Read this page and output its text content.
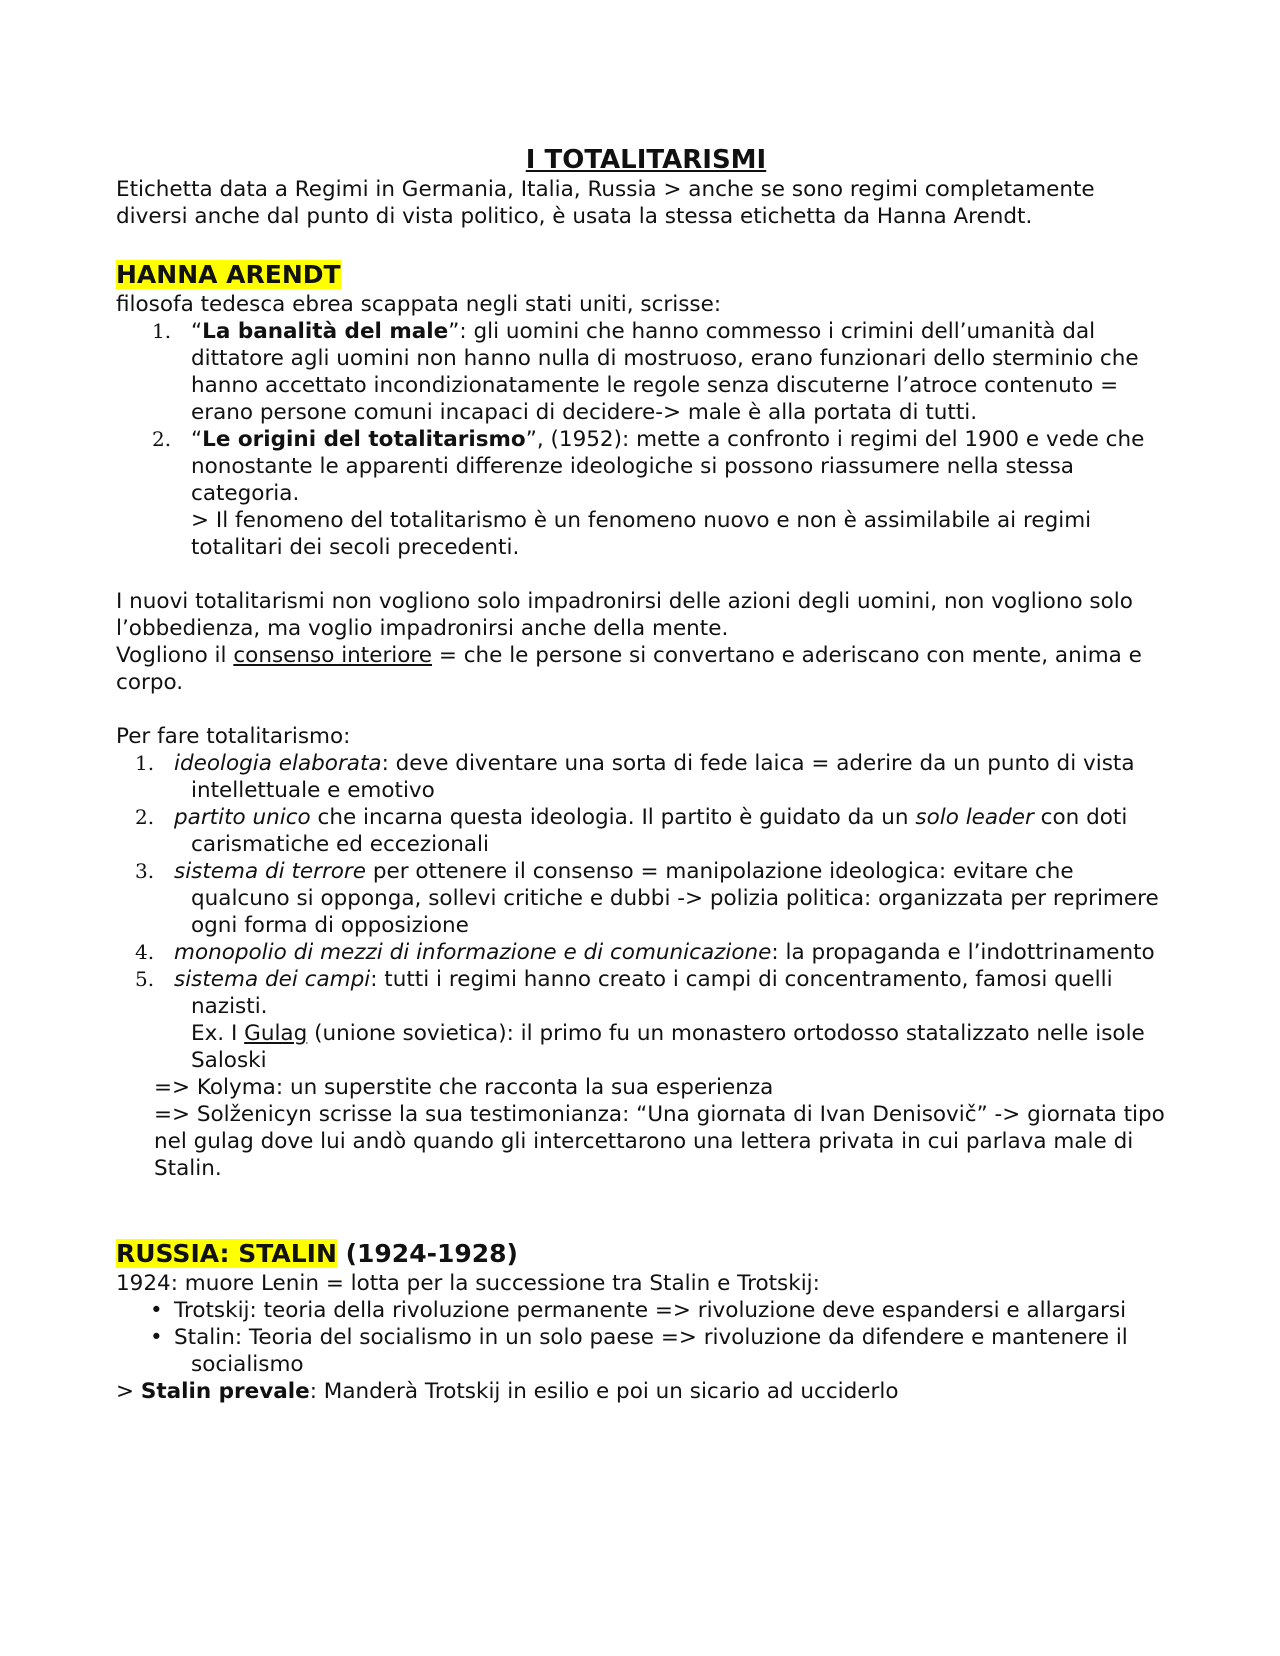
I TOTALITARISMI

Etichetta data a Regimi in Germania, Italia, Russia > anche se sono regimi completamente diversi anche dal punto di vista politico, è usata la stessa etichetta da Hanna Arendt.

HANNA ARENDT

filosofa tedesca ebrea scappata negli stati uniti, scrisse:

1. “La banalità del male”: gli uomini che hanno commesso i crimini dell’umanità dal dittatore agli uomini non hanno nulla di mostruoso, erano funzionari dello sterminio che hanno accettato incondizionatamente le regole senza discuterne l’atroce contenuto = erano persone comuni incapaci di decidere-> male è alla portata di tutti.
2. “Le origini del totalitarismo”, (1952): mette a confronto i regimi del 1900 e vede che nonostante le apparenti differenze ideologiche si possono riassumere nella stessa categoria.
> Il fenomeno del totalitarismo è un fenomeno nuovo e non è assimilabile ai regimi totalitari dei secoli precedenti.

I nuovi totalitarismi non vogliono solo impadronirsi delle azioni degli uomini, non vogliono solo l’obbedienza, ma voglio impadronirsi anche della mente.

Vogliono il consenso interiore = che le persone si convertano e aderiscano con mente, anima e corpo.

Per fare totalitarismo:

1. ideologia elaborata: deve diventare una sorta di fede laica = aderire da un punto di vista intellettuale e emotivo
2. partito unico che incarna questa ideologia. Il partito è guidato da un solo leader con doti carismatiche ed eccezionali
3. sistema di terrore per ottenere il consenso = manipolazione ideologica: evitare che qualcuno si opponga, sollevi critiche e dubbi -> polizia politica: organizzata per reprimere ogni forma di opposizione
4. monopolio di mezzi di informazione e di comunicazione: la propaganda e l’indottrinamento
5. sistema dei campi: tutti i regimi hanno creato i campi di concentramento, famosi quelli nazisti.
Ex. I Gulag (unione sovietica): il primo fu un monastero ortodosso statalizzato nelle isole Saloski

=> Kolyma: un superstite che racconta la sua esperienza

=> Solženicyn scrisse la sua testimonianza: “Una giornata di Ivan Denisovič” -> giornata tipo nel gulag dove lui andò quando gli intercettarono una lettera privata in cui parlava male di Stalin.

RUSSIA: STALIN (1924-1928)

1924: muore Lenin = lotta per la successione tra Stalin e Trotskij:

• Trotskij: teoria della rivoluzione permanente => rivoluzione deve espandersi e allargarsi
• Stalin: Teoria del socialismo in un solo paese => rivoluzione da difendere e mantenere il socialismo

> Stalin prevale: Manderà Trotskij in esilio e poi un sicario ad ucciderlo
